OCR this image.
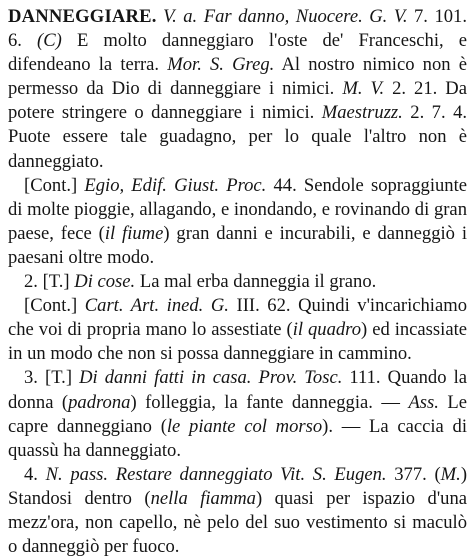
DANNEGGIARE. V. a. Far danno, Nuocere. G. V. 7. 101. 6. (C) E molto danneggiaro l'oste de' Franceschi, e difendeano la terra. Mor. S. Greg. Al nostro nimico non è permesso da Dio di danneggiare i nimici. M. V. 2. 21. Da potere stringere o danneggiare i nimici. Maestruzz. 2. 7. 4. Puote essere tale guadagno, per lo quale l'altro non è danneggiato.
[Cont.] Egio, Edif. Giust. Proc. 44. Sendole sopraggiunte di molte pioggie, allagando, e inondando, e rovinando di gran paese, fece (il fiume) gran danni e incurabili, e danneggiò i paesani oltre modo.
2. [T.] Di cose. La mal erba danneggia il grano.
[Cont.] Cart. Art. ined. G. III. 62. Quindi v'incarichiamo che voi di propria mano lo assestiate (il quadro) ed incassiate in un modo che non si possa danneggiare in cammino.
3. [T.] Di danni fatti in casa. Prov. Tosc. 111. Quando la donna (padrona) folleggia, la fante danneggia. — Ass. Le capre danneggiano (le piante col morso). — La caccia di quassù ha danneggiato.
4. N. pass. Restare danneggiato Vit. S. Eugen. 377. (M.) Standosi dentro (nella fiamma) quasi per ispazio d'una mezz'ora, non capello, nè pelo del suo vestimento si maculò o danneggiò per fuoco.
